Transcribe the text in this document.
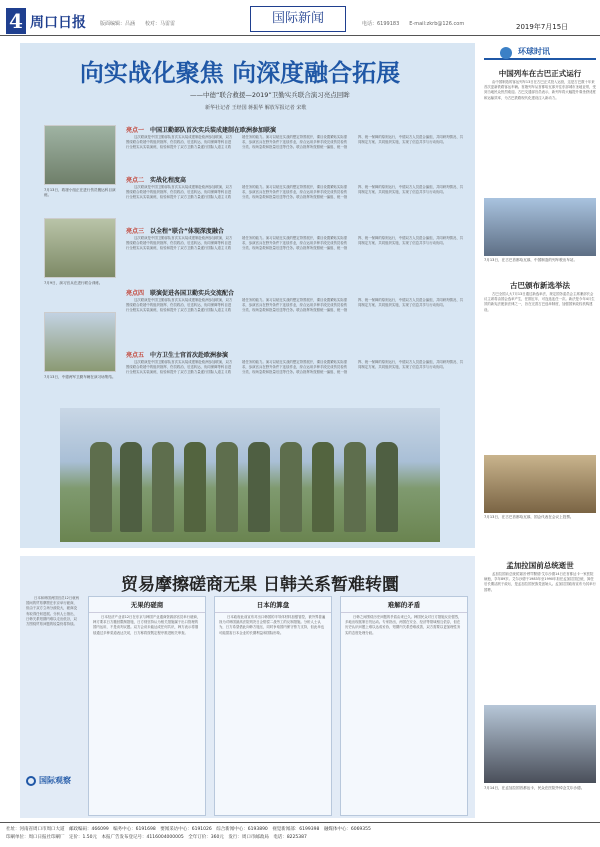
4 周口日报	版面编辑：吕涵　　校对：马雷雷	国际新闻	电话：6199183　　E-mail:zkrb@126.com	2019年7月15日
向实战化聚焦 向深度融合拓展
——中德“联合救援—2019”卫勤实兵联合演习亮点回眸
新华社记者 王经国 蒋振华 解放军报记者 宋歌
7月13日，救援小组正在进行伤员搬运科目演练。
7月9日，演习官兵在进行联合训练。
7月13日，中德两军卫勤车辆在演习场集结。
亮点一 中国卫勤部队首次实兵装成建制在欧洲参加联演

这次联演是中国卫勤部队首次实兵装成建制赴欧洲参加联演，双方围绕联合救援中的组织指挥、伤员救治、后送转运、协同保障等科目进行全程实兵实装演练，检验和提升了双方卫勤力量遂行国际人道主义救援任务的能力。演习以贴近实战的想定背景展开，课目设置紧贴实际需求，参演官兵在野外条件下连续作业，综合运用多种手段完成伤员检伤分类、现场急救和批量后送等任务。联合指挥所按照统一编组、统一指挥、统一保障的原则运行，中德双方人员混合编组，共同研判情况、共同制定方案、共同组织实施，实现了信息共享与行动协同。

亮点二 实战化程度高

这次联演是中国卫勤部队首次实兵装成建制赴欧洲参加联演，双方围绕联合救援中的组织指挥、伤员救治、后送转运、协同保障等科目进行全程实兵实装演练，检验和提升了双方卫勤力量遂行国际人道主义救援任务的能力。演习以贴近实战的想定背景展开，课目设置紧贴实际需求，参演官兵在野外条件下连续作业，综合运用多种手段完成伤员检伤分类、现场急救和批量后送等任务。联合指挥所按照统一编组、统一指挥、统一保障的原则运行，中德双方人员混合编组，共同研判情况、共同制定方案、共同组织实施，实现了信息共享与行动协同。

亮点三 以全程“联合”体现深度融合

这次联演是中国卫勤部队首次实兵装成建制赴欧洲参加联演，双方围绕联合救援中的组织指挥、伤员救治、后送转运、协同保障等科目进行全程实兵实装演练，检验和提升了双方卫勤力量遂行国际人道主义救援任务的能力。演习以贴近实战的想定背景展开，课目设置紧贴实际需求，参演官兵在野外条件下连续作业，综合运用多种手段完成伤员检伤分类、现场急救和批量后送等任务。联合指挥所按照统一编组、统一指挥、统一保障的原则运行，中德双方人员混合编组，共同研判情况、共同制定方案、共同组织实施，实现了信息共享与行动协同。

亮点四 联演促进各国卫勤实兵交流配合

这次联演是中国卫勤部队首次实兵装成建制赴欧洲参加联演，双方围绕联合救援中的组织指挥、伤员救治、后送转运、协同保障等科目进行全程实兵实装演练，检验和提升了双方卫勤力量遂行国际人道主义救援任务的能力。演习以贴近实战的想定背景展开，课目设置紧贴实际需求，参演官兵在野外条件下连续作业，综合运用多种手段完成伤员检伤分类、现场急救和批量后送等任务。联合指挥所按照统一编组、统一指挥、统一保障的原则运行，中德双方人员混合编组，共同研判情况、共同制定方案、共同组织实施，实现了信息共享与行动协同。

亮点五 中方卫生士官首次赴欧洲参演

这次联演是中国卫勤部队首次实兵装成建制赴欧洲参加联演，双方围绕联合救援中的组织指挥、伤员救治、后送转运、协同保障等科目进行全程实兵实装演练，检验和提升了双方卫勤力量遂行国际人道主义救援任务的能力。演习以贴近实战的想定背景展开，课目设置紧贴实际需求，参演官兵在野外条件下连续作业，综合运用多种手段完成伤员检伤分类、现场急救和批量后送等任务。联合指挥所按照统一编组、统一指挥、统一保障的原则运行，中德双方人员混合编组，共同研判情况、共同制定方案、共同组织实施，实现了信息共享与行动协同。

贸易摩擦磋商无果 日韩关系暂难转圜

日本和韩国两国官员12日就两国间的贸易摩擦在东京举行磋商，但由于双方立场分歧较大，磋商没有取得任何进展。分析人士指出，日韩关系短期内难以走出低谷，双方围绕贸易问题的较量仍将持续。

国际观察
无果的磋商

日本经济产业省12日在东京与韩国产业通商资源部官员举行磋商，韩方要求日方撤回限制措施，日方则坚持认为相关措施属于出口管理的国内运用，不是谈判议题。双方会谈未能达成任何共识，韩方表示将继续通过多种渠道表达关切，日方称将按既定程序推进相关审查。

日本的算盘

日本政府此前宣布对出口韩国的半导体材料加强管控，被外界普遍视为对韩国最高法院判决日企赔偿二战劳工的反制措施。分析人士认为，日方希望借此向韩方施压，同时争取国内保守势力支持，但此举也可能损害日本企业的长期利益和国际形象。

难解的矛盾

日韩之间围绕历史问题的矛盾由来已久。韩国民众对日方措施反应强烈，多地出现抵制日货运动。专家指出，两国在安全、经济等领域相互依存，但在历史认识问题上难以达成妥协，短期内关系恐难改善，双方需要以更加理性务实的态度处理分歧。

环球时讯
中国列车在古巴正式运行

由中国制造的客运列车13日在古巴正式投入运营，这是古巴数十年来首次更新铁路客运车辆。首趟列车从首都哈瓦那开往东部城市圣地亚哥，受到当地民众热烈欢迎。古巴交通部官员表示，新列车将大幅提升乘坐舒适度和运输效率，为古巴铁路现代化建设注入新动力。

7月13日，在古巴首都哈瓦那，中国制造的列车驶出车站。
古巴颁布新选举法

古巴全国人大7月13日通过新选举法，规定国务委员会主席兼部长会议主席将由国会选举产生，任期五年，可连选连任一次。新法是今年4月生效的新宪法配套法律之一，旨在完善古巴选举制度，加强国家政权机构建设。

7月13日，在古巴首都哈瓦那，国会代表在会议上投票。
孟加拉国前总统逝世

孟加拉国前总统侯赛因·穆罕默德·艾尔沙德14日在首都达卡一家医院病逝，享年89岁。艾尔沙德于1983年至1990年担任孟加拉国总统，卸任后长期活跃于政坛，是孟加拉国民族党创始人。孟加拉国政府宣布为其举行国葬。

7月14日，在孟加拉国首都达卡，民众在医院外悼念艾尔沙德。
社址：河南省周口市周口大道　邮政编码：466099　编务中心：6191698　要闻采访中心：6191026　综合新闻中心：6193890　视觉新闻部：6199398　融媒体中心：6069355
印刷单位：周口日报社印刷厂　定价：1.50元　本报广告发布登记号：4116004000005　全年订价：360元　发行：周口市邮政局　电话：8225387
